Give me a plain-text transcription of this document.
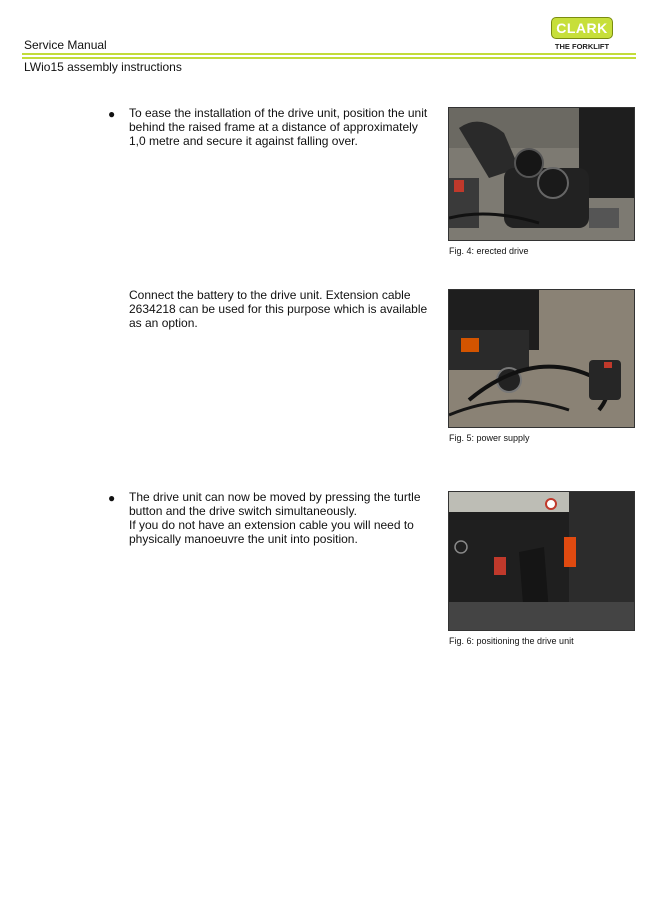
Service Manual
LWio15 assembly instructions
CLARK
THE FORKLIFT
● To ease the installation of the drive unit, position the unit
behind the raised frame at a distance of approximately
1,0 metre and secure it against falling over.
Fig. 4: erected drive
Connect the battery to the drive unit. Extension cable
2634218 can be used for this purpose which is available
as an option.
Fig. 5: power supply
● The drive unit can now be moved by pressing the turtle
button and the drive switch simultaneously.
If you do not have an extension cable you will need to
physically manoeuvre the unit into position.
Fig. 6: positioning the drive unit
